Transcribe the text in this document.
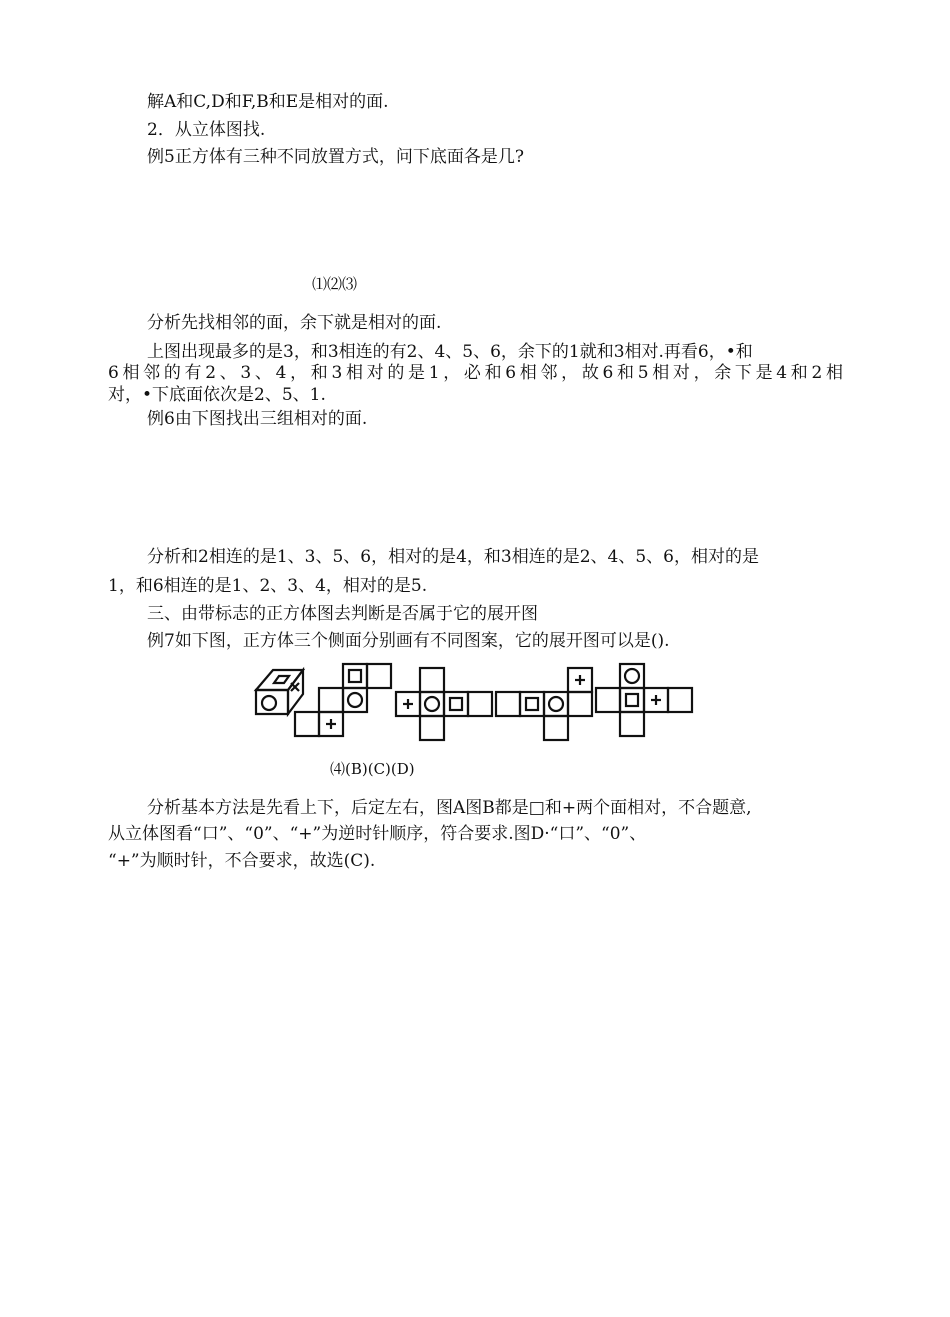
解A和C,D和F,B和E是相对的面.
2．从立体图找.
例5正方体有三种不同放置方式，问下底面各是几?
⑴⑵⑶
分析先找相邻的面，余下就是相对的面.
上图出现最多的是3，和3相连的有2、4、5、6，余下的1就和3相对.再看6，•和
6相邻的有2、3、4，和3相对的是1，必和6相邻，故6和5相对，余下是4和2相
对，•下底面依次是2、5、1.
例6由下图找出三组相对的面.
分析和2相连的是1、3、5、6，相对的是4，和3相连的是2、4、5、6，相对的是
1，和6相连的是1、2、3、4，相对的是5.
三、由带标志的正方体图去判断是否属于它的展开图
例7如下图，正方体三个侧面分别画有不同图案，它的展开图可以是().
⑷(B)(C)(D)
分析基本方法是先看上下，后定左右，图A图B都是□和+两个面相对，不合题意,
从立体图看“口”、“0”、“+”为逆时针顺序，符合要求.图D·“口”、“0”、
“+”为顺时针，不合要求，故选(C).
